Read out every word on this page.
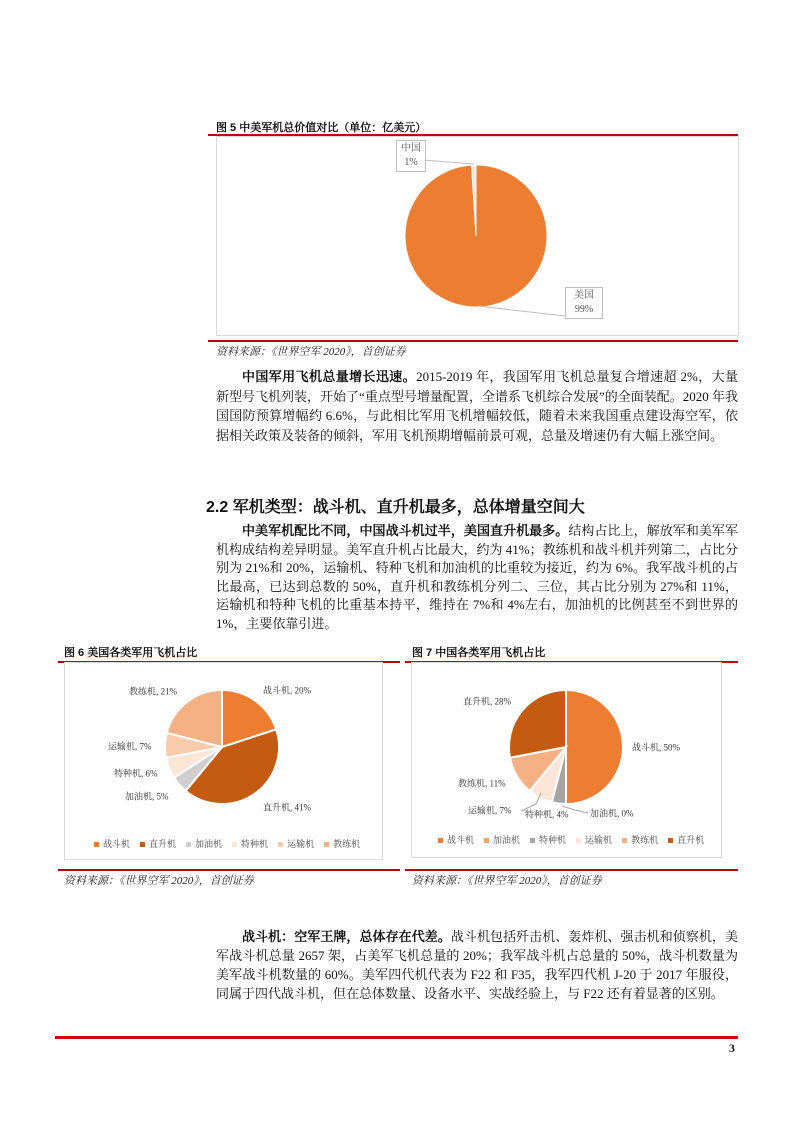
图 5 中美军机总价值对比（单位：亿美元）
中国
1%
美国
99%
资料来源：《世界空军 2020》，首创证券
中国军用飞机总量增长迅速。2015-2019 年，我国军用飞机总量复合增速超 2%，大量新型号飞机列装，开始了“重点型号增量配置，全谱系飞机综合发展”的全面装配。2020 年我国国防预算增幅约 6.6%，与此相比军用飞机增幅较低，随着未来我国重点建设海空军，依据相关政策及装备的倾斜，军用飞机预期增幅前景可观，总量及增速仍有大幅上涨空间。
2.2 军机类型：战斗机、直升机最多，总体增量空间大
中美军机配比不同，中国战斗机过半，美国直升机最多。结构占比上，解放军和美军军机构成结构差异明显。美军直升机占比最大，约为 41%；教练机和战斗机并列第二，占比分别为 21%和 20%，运输机、特种飞机和加油机的比重较为接近，约为 6%。我军战斗机的占比最高，已达到总数的 50%，直升机和教练机分列二、三位，其占比分别为 27%和 11%，运输机和特种飞机的比重基本持平，维持在 7%和 4%左右，加油机的比例甚至不到世界的 1%，主要依靠引进。
图 6 美国各类军用飞机占比
战斗机	直升机	加油机	特种机	运输机	教练机
图 7 中国各类军用飞机占比
战斗机	加油机	特种机	运输机	教练机	直升机
资料来源：《世界空军 2020》，首创证券	资料来源：《世界空军 2020》，首创证券
战斗机：空军王牌，总体存在代差。战斗机包括歼击机、轰炸机、强击机和侦察机，美军战斗机总量 2657 架，占美军飞机总量的 20%；我军战斗机占总量的 50%，战斗机数量为美军战斗机数量的 60%。美军四代机代表为 F22 和 F35，我军四代机 J-20 于 2017 年服役，同属于四代战斗机，但在总体数量、设备水平、实战经验上，与 F22 还有着显著的区别。
3
战斗机, 20%
直升机, 41%
加油机, 5%
特种机, 6%
运输机, 7%
教练机, 21%
战斗机, 50%
加油机, 0%
特种机, 4%
运输机, 7%
教练机, 11%
直升机, 28%
